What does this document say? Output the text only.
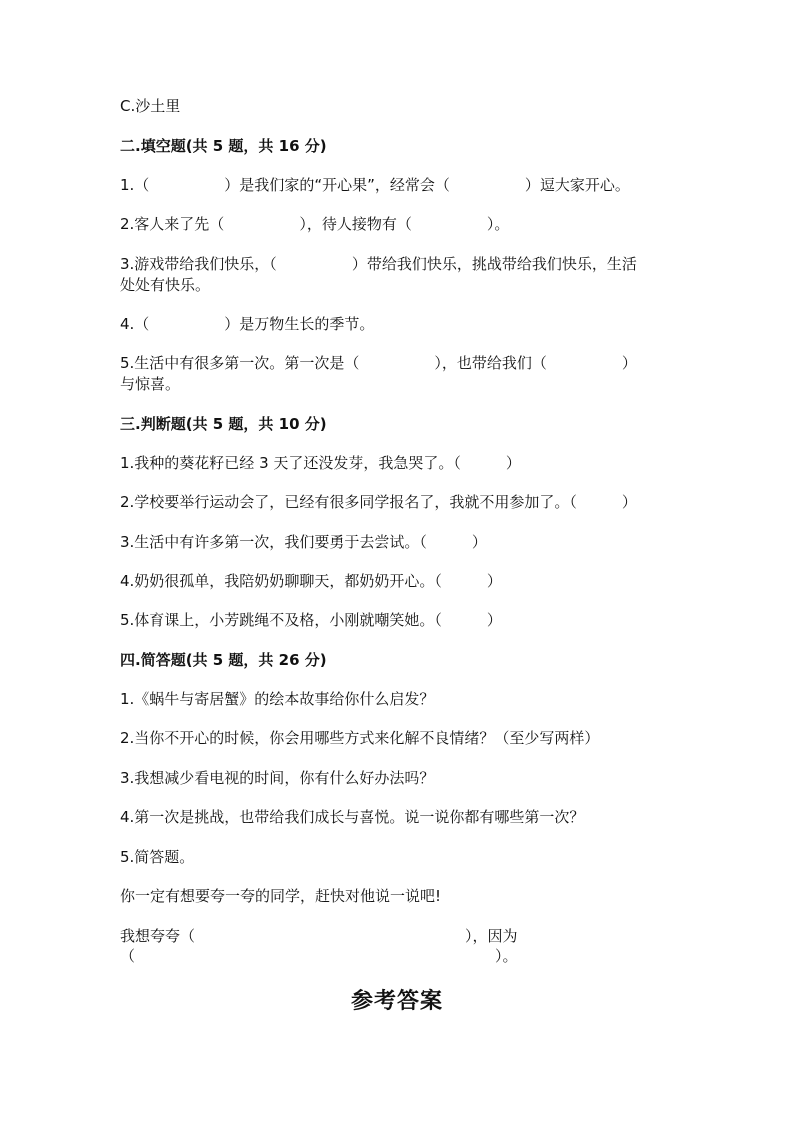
C.沙土里
二.填空题(共 5 题，共 16 分)
1.（　　　　　）是我们家的“开心果”，经常会（　　　　　）逗大家开心。
2.客人来了先（　　　　　），待人接物有（　　　　　）。
3.游戏带给我们快乐，（　　　　　）带给我们快乐，挑战带给我们快乐，生活
处处有快乐。
4.（　　　　　）是万物生长的季节。
5.生活中有很多第一次。第一次是（　　　　　），也带给我们（　　　　　）
与惊喜。
三.判断题(共 5 题，共 10 分)
1.我种的葵花籽已经 3 天了还没发芽，我急哭了。（　　　）
2.学校要举行运动会了，已经有很多同学报名了，我就不用参加了。（　　　）
3.生活中有许多第一次，我们要勇于去尝试。（　　　）
4.奶奶很孤单，我陪奶奶聊聊天，都奶奶开心。（　　　）
5.体育课上，小芳跳绳不及格，小刚就嘲笑她。（　　　）
四.简答题(共 5 题，共 26 分)
1.《蜗牛与寄居蟹》的绘本故事给你什么启发？
2.当你不开心的时候，你会用哪些方式来化解不良情绪？（至少写两样）
3.我想减少看电视的时间，你有什么好办法吗？
4.第一次是挑战，也带给我们成长与喜悦。说一说你都有哪些第一次？
5.简答题。
你一定有想要夸一夸的同学，赶快对他说一说吧!
我想夸夸（　　　　　　　　　　　　　　　　　　），因为
（　　　　　　　　　　　　　　　　　　　　　　　　）。
参考答案
